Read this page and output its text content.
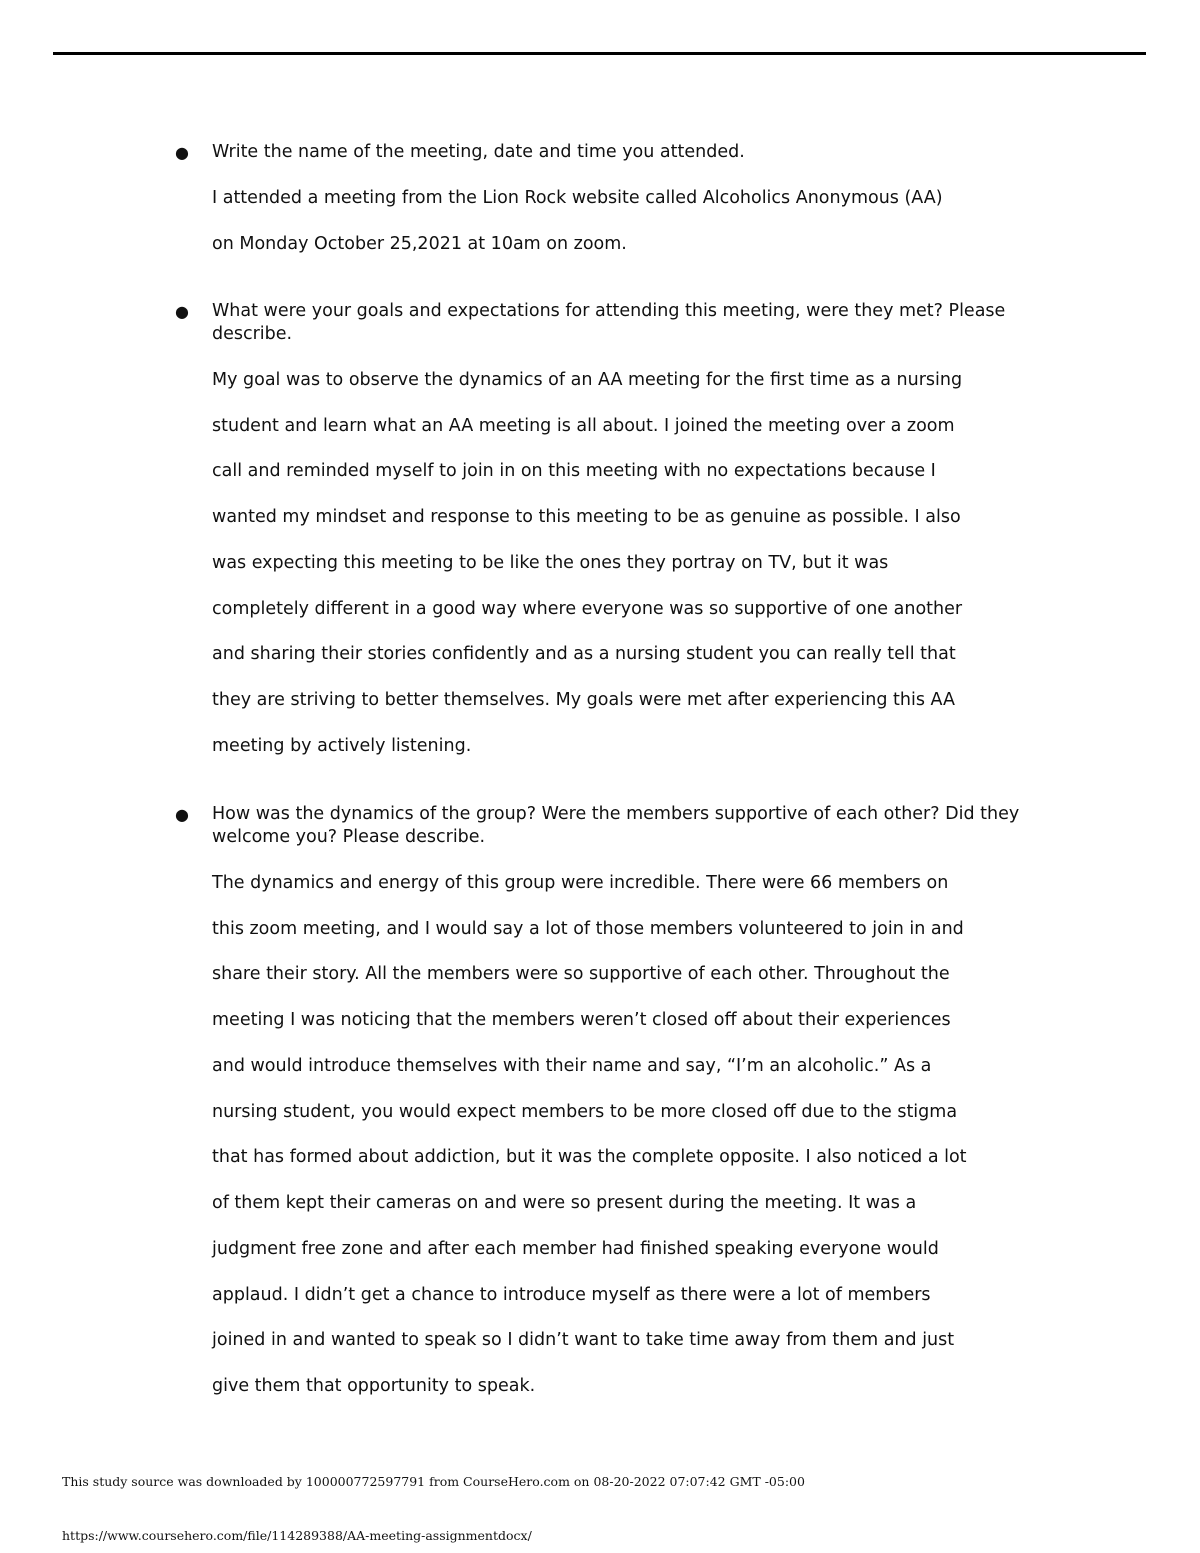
● Write the name of the meeting, date and time you attended.

I attended a meeting from the Lion Rock website called Alcoholics Anonymous (AA)

on Monday October 25,2021 at 10am on zoom.

● What were your goals and expectations for attending this meeting, were they met? Please describe.

My goal was to observe the dynamics of an AA meeting for the first time as a nursing

student and learn what an AA meeting is all about. I joined the meeting over a zoom

call and reminded myself to join in on this meeting with no expectations because I

wanted my mindset and response to this meeting to be as genuine as possible. I also

was expecting this meeting to be like the ones they portray on TV, but it was

completely different in a good way where everyone was so supportive of one another

and sharing their stories confidently and as a nursing student you can really tell that

they are striving to better themselves. My goals were met after experiencing this AA

meeting by actively listening.

● How was the dynamics of the group? Were the members supportive of each other? Did they welcome you? Please describe.

The dynamics and energy of this group were incredible. There were 66 members on

this zoom meeting, and I would say a lot of those members volunteered to join in and

share their story. All the members were so supportive of each other. Throughout the

meeting I was noticing that the members weren’t closed off about their experiences

and would introduce themselves with their name and say, “I’m an alcoholic.” As a

nursing student, you would expect members to be more closed off due to the stigma

that has formed about addiction, but it was the complete opposite. I also noticed a lot

of them kept their cameras on and were so present during the meeting. It was a

judgment free zone and after each member had finished speaking everyone would

applaud. I didn’t get a chance to introduce myself as there were a lot of members

joined in and wanted to speak so I didn’t want to take time away from them and just

give them that opportunity to speak.

This study source was downloaded by 100000772597791 from CourseHero.com on 08-20-2022 07:07:42 GMT -05:00
https://www.coursehero.com/file/114289388/AA-meeting-assignmentdocx/
